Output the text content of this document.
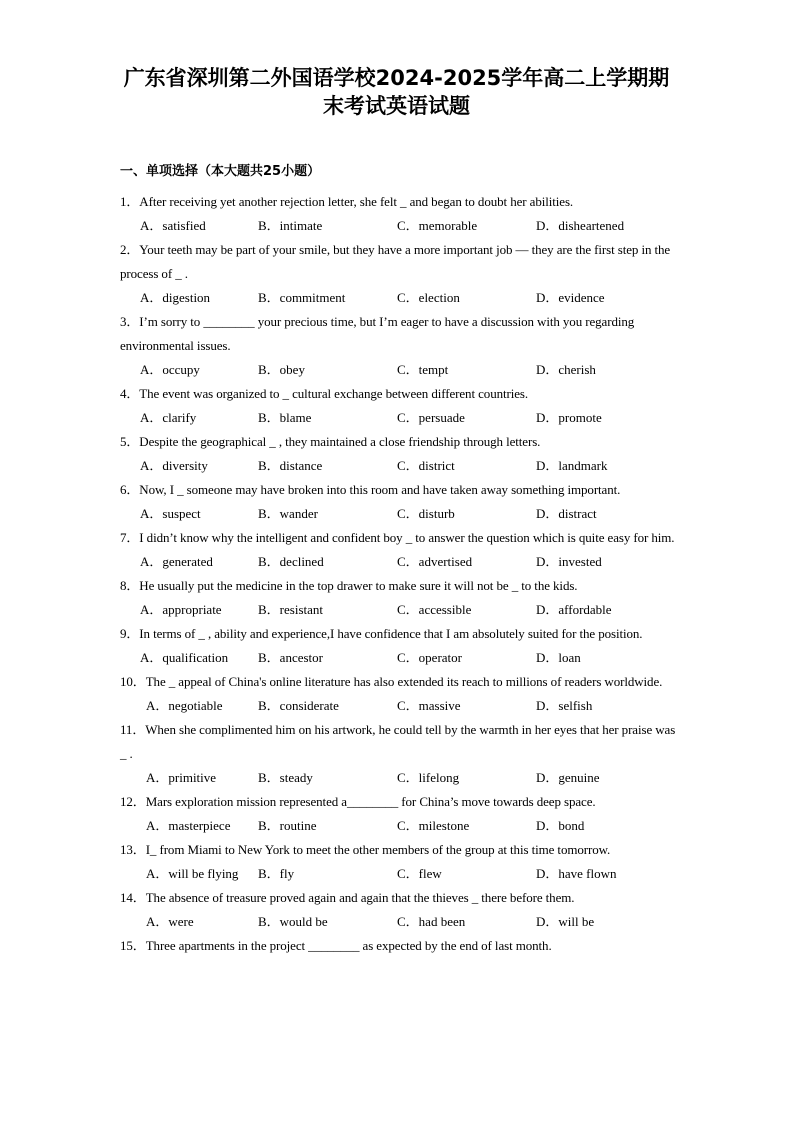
广东省深圳第二外国语学校2024-2025学年高二上学期期
末考试英语试题
一、单项选择（本大题共25小题）
1．After receiving yet another rejection letter, she felt _ and began to doubt her abilities.
A．satisfied	B．intimate	C．memorable	D．disheartened
2．Your teeth may be part of your smile, but they have a more important job — they are the first step in the process of _ .
A．digestion	B．commitment	C．election	D．evidence
3．I’m sorry to ________ your precious time, but I’m eager to have a discussion with you regarding environmental issues.
A．occupy	B．obey	C．tempt	D．cherish
4．The event was organized to _ cultural exchange between different countries.
A．clarify	B．blame	C．persuade	D．promote
5．Despite the geographical _ , they maintained a close friendship through letters.
A．diversity	B．distance	C．district	D．landmark
6．Now, I _ someone may have broken into this room and have taken away something important.
A．suspect	B．wander	C．disturb	D．distract
7．I didn’t know why the intelligent and confident boy _ to answer the question which is quite easy for him.
A．generated	B．declined	C．advertised	D．invested
8．He usually put the medicine in the top drawer to make sure it will not be _ to the kids.
A．appropriate	B．resistant	C．accessible	D．affordable
9．In terms of _ , ability and experience,I have confidence that I am absolutely suited for the position.
A．qualification B．ancestor	C．operator	D．loan
10．The _ appeal of China's online literature has also extended its reach to millions of readers worldwide.
A．negotiable	B．considerate	C．massive	D．selfish
11．When she complimented him on his artwork, he could tell by the warmth in her eyes that her praise was _ .
A．primitive	B．steady	C．lifelong	D．genuine
12．Mars exploration mission represented a________ for China’s move towards deep space.
A．masterpiece B．routine	C．milestone	D．bond
13．I_ from Miami to New York to meet the other members of the group at this time tomorrow.
A．will be flying B．fly	C．flew	D．have flown
14．The absence of treasure proved again and again that the thieves _ there before them.
A．were	B．would be	C．had been	D．will be
15．Three apartments in the project ________ as expected by the end of last month.
